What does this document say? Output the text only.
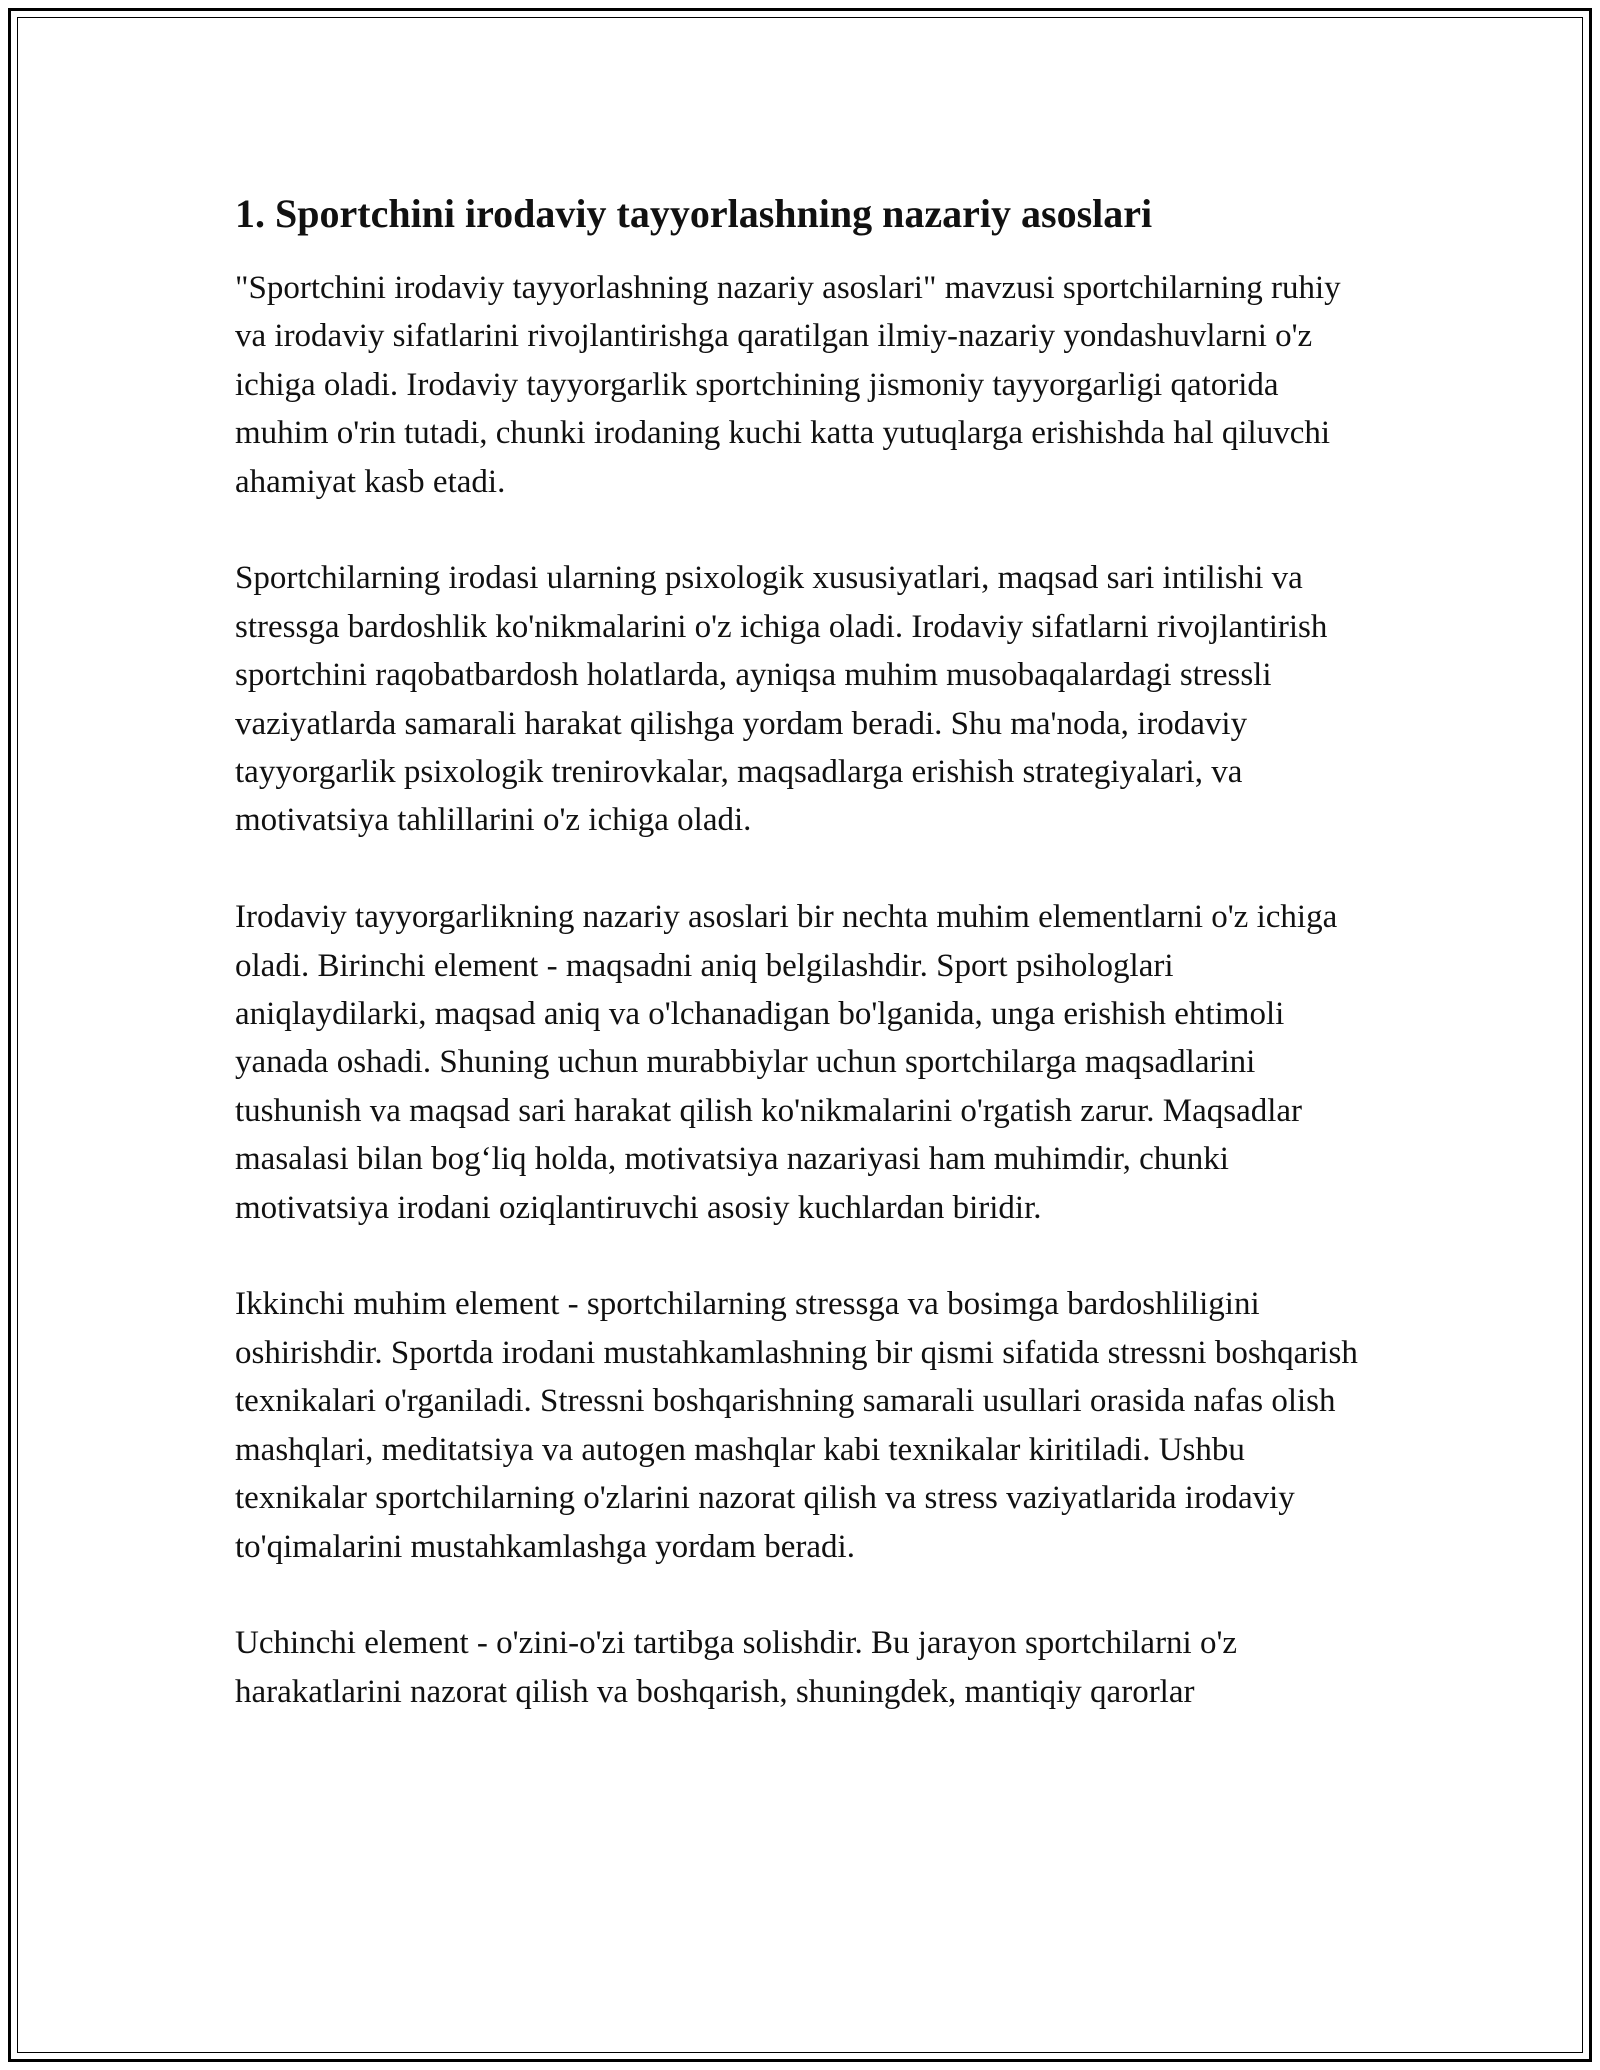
1. Sportchini irodaviy tayyorlashning nazariy asoslari

"Sportchini irodaviy tayyorlashning nazariy asoslari" mavzusi sportchilarning ruhiy va irodaviy sifatlarini rivojlantirishga qaratilgan ilmiy-nazariy yondashuvlarni o'z ichiga oladi. Irodaviy tayyorgarlik sportchining jismoniy tayyorgarligi qatorida muhim o'rin tutadi, chunki irodaning kuchi katta yutuqlarga erishishda hal qiluvchi ahamiyat kasb etadi.

Sportchilarning irodasi ularning psixologik xususiyatlari, maqsad sari intilishi va stressga bardoshlik ko'nikmalarini o'z ichiga oladi. Irodaviy sifatlarni rivojlantirish sportchini raqobatbardosh holatlarda, ayniqsa muhim musobaqalardagi stressli vaziyatlarda samarali harakat qilishga yordam beradi. Shu ma'noda, irodaviy tayyorgarlik psixologik trenirovkalar, maqsadlarga erishish strategiyalari, va motivatsiya tahlillarini o'z ichiga oladi.

Irodaviy tayyorgarlikning nazariy asoslari bir nechta muhim elementlarni o'z ichiga oladi. Birinchi element - maqsadni aniq belgilashdir. Sport psihologlari aniqlaydilarki, maqsad aniq va o'lchanadigan bo'lganida, unga erishish ehtimoli yanada oshadi. Shuning uchun murabbiylar uchun sportchilarga maqsadlarini tushunish va maqsad sari harakat qilish ko'nikmalarini o'rgatish zarur. Maqsadlar masalasi bilan bog‘liq holda, motivatsiya nazariyasi ham muhimdir, chunki motivatsiya irodani oziqlantiruvchi asosiy kuchlardan biridir.

Ikkinchi muhim element - sportchilarning stressga va bosimga bardoshliligini oshirishdir. Sportda irodani mustahkamlashning bir qismi sifatida stressni boshqarish texnikalari o'rganiladi. Stressni boshqarishning samarali usullari orasida nafas olish mashqlari, meditatsiya va autogen mashqlar kabi texnikalar kiritiladi. Ushbu texnikalar sportchilarning o'zlarini nazorat qilish va stress vaziyatlarida irodaviy to'qimalarini mustahkamlashga yordam beradi.

Uchinchi element - o'zini-o'zi tartibga solishdir. Bu jarayon sportchilarni o'z harakatlarini nazorat qilish va boshqarish, shuningdek, mantiqiy qarorlar
